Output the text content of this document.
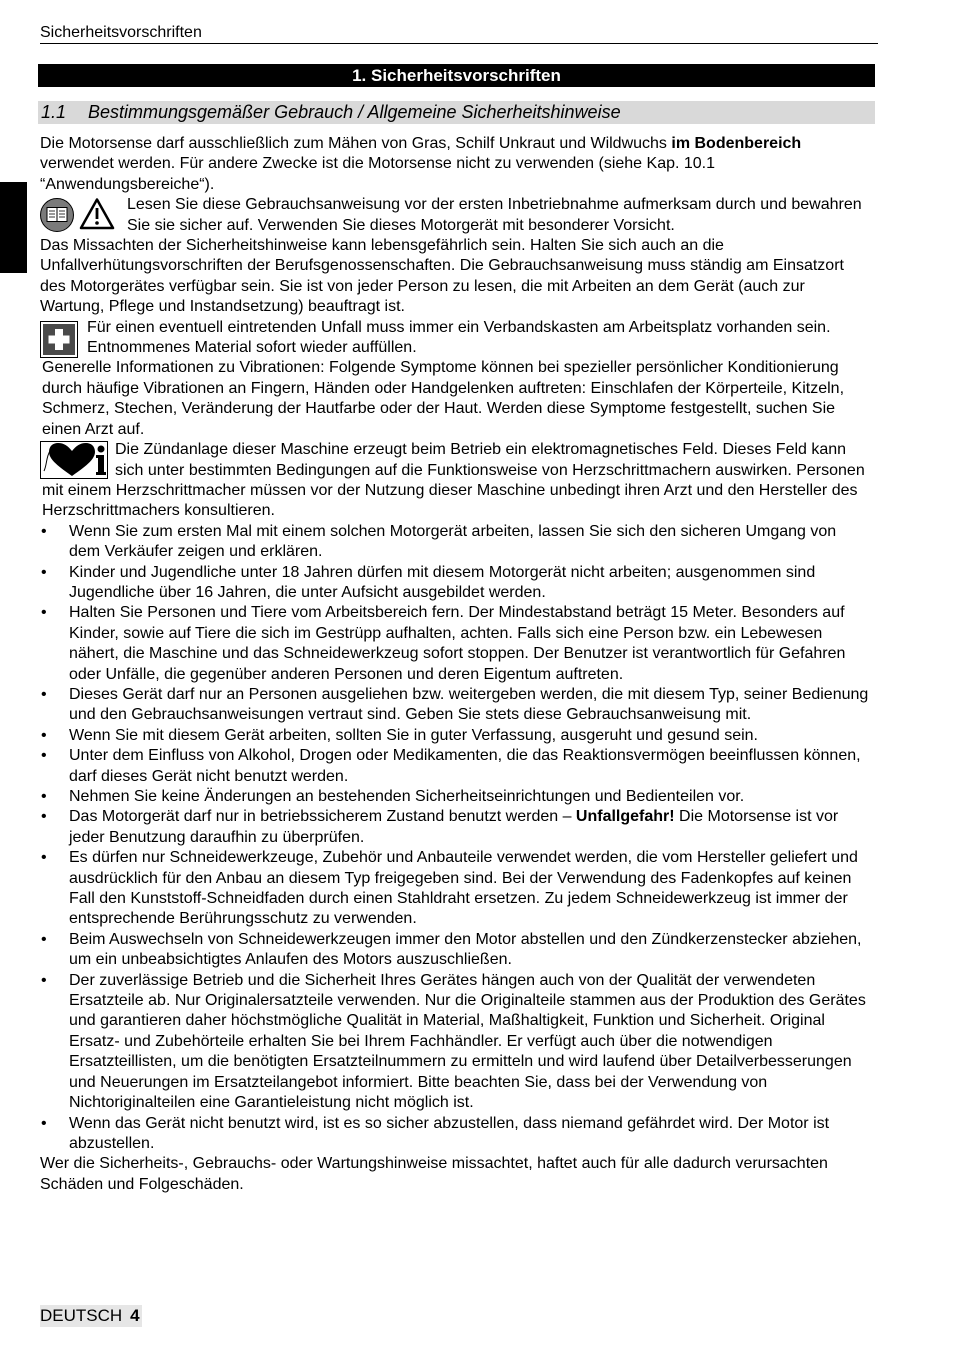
Sicherheitsvorschriften
1. Sicherheitsvorschriften
1.1 Bestimmungsgemäßer Gebrauch / Allgemeine Sicherheitshinweise

Die Motorsense darf ausschließlich zum Mähen von Gras, Schilf Unkraut und Wildwuchs im Bodenbereich verwendet werden. Für andere Zwecke ist die Motorsense nicht zu verwenden (siehe Kap. 10.1 “Anwendungsbereiche“).

Lesen Sie diese Gebrauchsanweisung vor der ersten Inbetriebnahme aufmerksam durch und bewahren Sie sie sicher auf. Verwenden Sie dieses Motorgerät mit besonderer Vorsicht.

Das Missachten der Sicherheitshinweise kann lebensgefährlich sein. Halten Sie sich auch an die Unfallverhütungsvorschriften der Berufsgenossenschaften. Die Gebrauchsanweisung muss ständig am Einsatzort des Motorgerätes verfügbar sein. Sie ist von jeder Person zu lesen, die mit Arbeiten an dem Gerät (auch zur Wartung, Pflege und Instandsetzung) beauftragt ist.

Für einen eventuell eintretenden Unfall muss immer ein Verbandskasten am Arbeitsplatz vorhanden sein. Entnommenes Material sofort wieder auffüllen.

Generelle Informationen zu Vibrationen: Folgende Symptome können bei spezieller persönlicher Konditionierung durch häufige Vibrationen an Fingern, Händen oder Handgelenken auftreten: Einschlafen der Körperteile, Kitzeln, Schmerz, Stechen, Veränderung der Hautfarbe oder der Haut. Werden diese Symptome festgestellt, suchen Sie einen Arzt auf.

Die Zündanlage dieser Maschine erzeugt beim Betrieb ein elektromagnetisches Feld. Dieses Feld kann sich unter bestimmten Bedingungen auf die Funktionsweise von Herzschrittmachern auswirken. Personen

mit einem Herzschrittmacher müssen vor der Nutzung dieser Maschine unbedingt ihren Arzt und den Hersteller des Herzschrittmachers konsultieren.

• Wenn Sie zum ersten Mal mit einem solchen Motorgerät arbeiten, lassen Sie sich den sicheren Umgang von dem Verkäufer zeigen und erklären.
• Kinder und Jugendliche unter 18 Jahren dürfen mit diesem Motorgerät nicht arbeiten; ausgenommen sind Jugendliche über 16 Jahren, die unter Aufsicht ausgebildet werden.
• Halten Sie Personen und Tiere vom Arbeitsbereich fern. Der Mindestabstand beträgt 15 Meter. Besonders auf Kinder, sowie auf Tiere die sich im Gestrüpp aufhalten, achten. Falls sich eine Person bzw. ein Lebewesen nähert, die Maschine und das Schneidewerkzeug sofort stoppen. Der Benutzer ist verantwortlich für Gefahren oder Unfälle, die gegenüber anderen Personen und deren Eigentum auftreten.
• Dieses Gerät darf nur an Personen ausgeliehen bzw. weitergeben werden, die mit diesem Typ, seiner Bedienung und den Gebrauchsanweisungen vertraut sind. Geben Sie stets diese Gebrauchsanweisung mit.
• Wenn Sie mit diesem Gerät arbeiten, sollten Sie in guter Verfassung, ausgeruht und gesund sein.
• Unter dem Einfluss von Alkohol, Drogen oder Medikamenten, die das Reaktionsvermögen beeinflussen können, darf dieses Gerät nicht benutzt werden.
• Nehmen Sie keine Änderungen an bestehenden Sicherheitseinrichtungen und Bedienteilen vor.
• Das Motorgerät darf nur in betriebssicherem Zustand benutzt werden – Unfallgefahr! Die Motorsense ist vor jeder Benutzung daraufhin zu überprüfen.
• Es dürfen nur Schneidewerkzeuge, Zubehör und Anbauteile verwendet werden, die vom Hersteller geliefert und ausdrücklich für den Anbau an diesem Typ freigegeben sind. Bei der Verwendung des Fadenkopfes auf keinen Fall den Kunststoff-Schneidfaden durch einen Stahldraht ersetzen. Zu jedem Schneidewerkzeug ist immer der entsprechende Berührungsschutz zu verwenden.
• Beim Auswechseln von Schneidewerkzeugen immer den Motor abstellen und den Zündkerzenstecker abziehen, um ein unbeabsichtigtes Anlaufen des Motors auszuschließen.
• Der zuverlässige Betrieb und die Sicherheit Ihres Gerätes hängen auch von der Qualität der verwendeten Ersatzteile ab. Nur Originalersatzteile verwenden. Nur die Originalteile stammen aus der Produktion des Gerätes und garantieren daher höchstmögliche Qualität in Material, Maßhaltigkeit, Funktion und Sicherheit. Original Ersatz- und Zubehörteile erhalten Sie bei Ihrem Fachhändler. Er verfügt auch über die notwendigen Ersatzteillisten, um die benötigten Ersatzteilnummern zu ermitteln und wird laufend über Detailverbesserungen und Neuerungen im Ersatzteilangebot informiert. Bitte beachten Sie, dass bei der Verwendung von Nichtoriginalteilen eine Garantieleistung nicht möglich ist.
• Wenn das Gerät nicht benutzt wird, ist es so sicher abzustellen, dass niemand gefährdet wird. Der Motor ist abzustellen.

Wer die Sicherheits-, Gebrauchs- oder Wartungshinweise missachtet, haftet auch für alle dadurch verursachten Schäden und Folgeschäden.

DEUTSCH 4
